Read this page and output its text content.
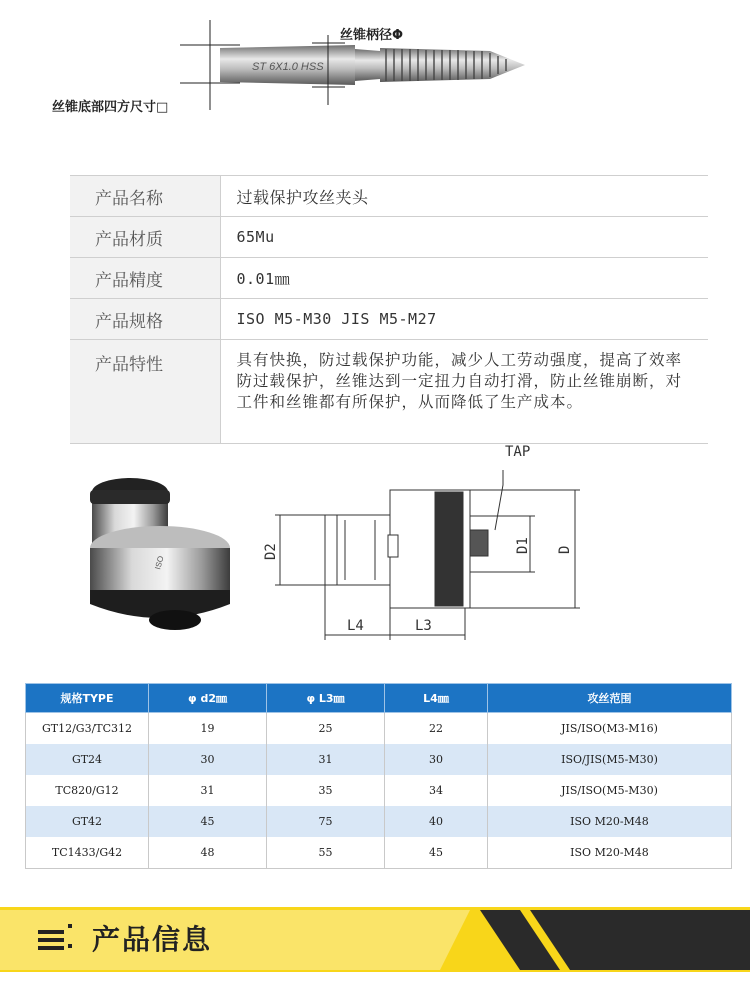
ST 6X1.0 HSS
丝锥柄径Φ
丝锥底部四方尺寸□
产品名称	过载保护攻丝夹头
产品材质	65Mu
产品精度	0.01㎜
产品规格	ISO M5-M30 JIS M5-M27
产品特性	具有快换，防过载保护功能，减少人工劳动强度，提高了效率防过载保护，丝锥达到一定扭力自动打滑，防止丝锥崩断，对工件和丝锥都有所保护，从而降低了生产成本。
ISO
TAP
D2	D1 D
L4	L3
规格TYPE	φ d2㎜	φ L3㎜	L4㎜	攻丝范围
GT12/G3/TC312	19	25	22	JIS/ISO(M3-M16)
GT24	30	31	30	ISO/JIS(M5-M30)
TC820/G12	31	35	34	JIS/ISO(M5-M30)
GT42	45	75	40	ISO M20-M48
TC1433/G42	48	55	45	ISO M20-M48
产品信息
